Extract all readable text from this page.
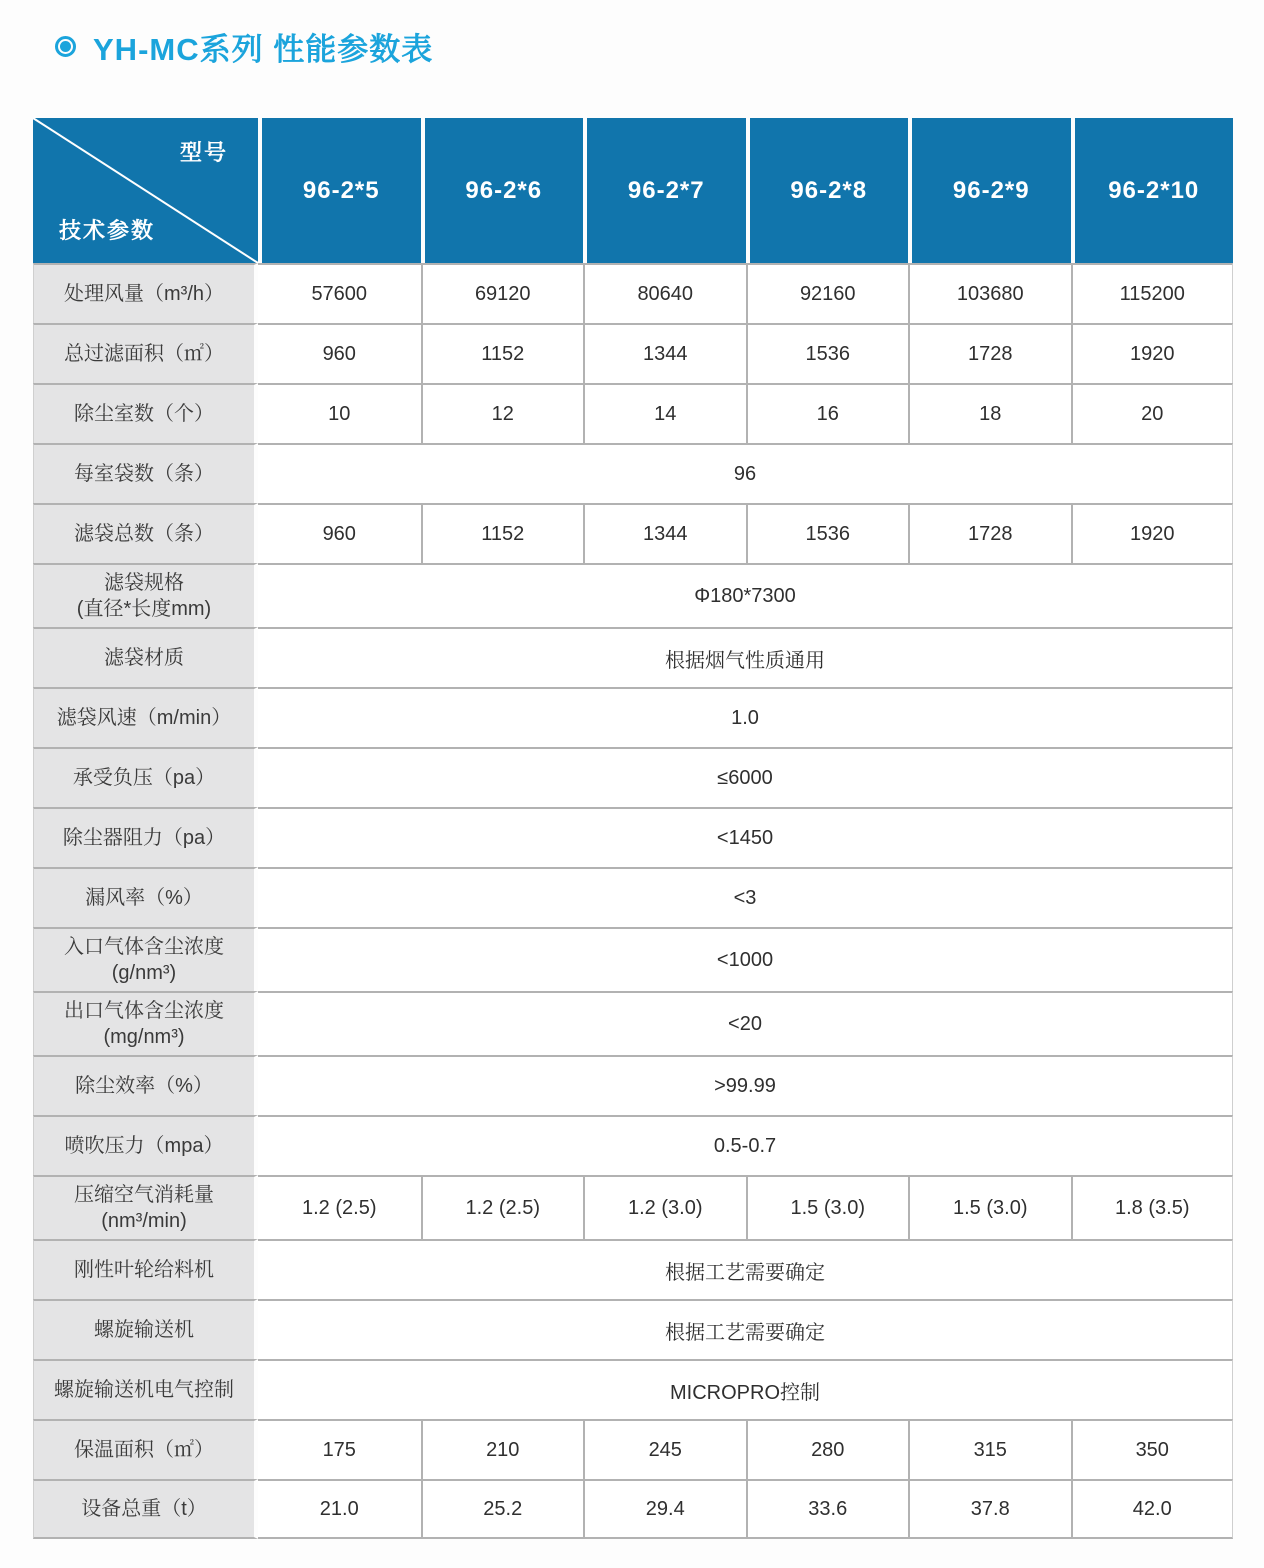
YH-MC系列 性能参数表
型号
技术参数	96-2*5	96-2*6	96-2*7	96-2*8	96-2*9	96-2*10

处理风量（m³/h）	57600	69120	80640	92160	103680	115200

总过滤面积（㎡）	960	1152	1344	1536	1728	1920

除尘室数（个）	10	12	14	16	18	20

每室袋数（条）	96					

滤袋总数（条）	960	1152	1344	1536	1728	1920

滤袋规格
(直径*长度mm)	Φ180*7300					

滤袋材质	根据烟气性质通用					

滤袋风速（m/min）	1.0					

承受负压（pa）	≤6000					

除尘器阻力（pa）	<1450					

漏风率（%）	<3					

入口气体含尘浓度
(g/nm³)	<1000					

出口气体含尘浓度
(mg/nm³)	<20					

除尘效率（%）	>99.99					

喷吹压力（mpa）	0.5-0.7					

压缩空气消耗量
(nm³/min)	1.2 (2.5)	1.2 (2.5)	1.2 (3.0)	1.5 (3.0)	1.5 (3.0)	1.8 (3.5)

刚性叶轮给料机	根据工艺需要确定					

螺旋输送机	根据工艺需要确定					

螺旋输送机电气控制	MICROPRO控制					

保温面积（㎡）	175	210	245	280	315	350

设备总重（t）	21.0	25.2	29.4	33.6	37.8	42.0
